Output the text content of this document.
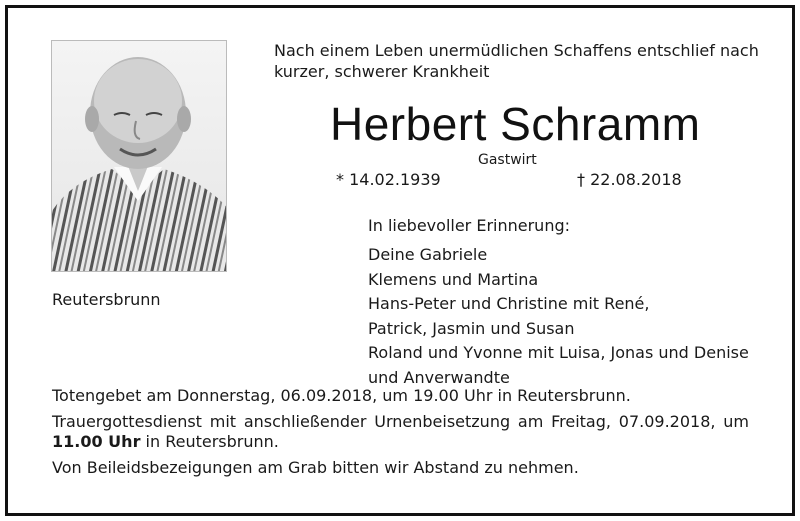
Nach einem Leben unermüdlichen Schaffens entschlief nach kurzer, schwerer Krankheit
Herbert Schramm
Gastwirt
* 14.02.1939	† 22.08.2018
Reutersbrunn
In liebevoller Erinnerung:
Deine Gabriele
Klemens und Martina
Hans-Peter und Christine mit René,
Patrick, Jasmin und Susan
Roland und Yvonne mit Luisa, Jonas und Denise
und Anverwandte

Totengebet am Donnerstag, 06.09.2018, um 19.00 Uhr in Reutersbrunn.

Trauergottesdienst mit anschließender Urnenbeisetzung am Freitag, 07.09.2018, um 11.00 Uhr in Reutersbrunn.

Von Beileidsbezeigungen am Grab bitten wir Abstand zu nehmen.
